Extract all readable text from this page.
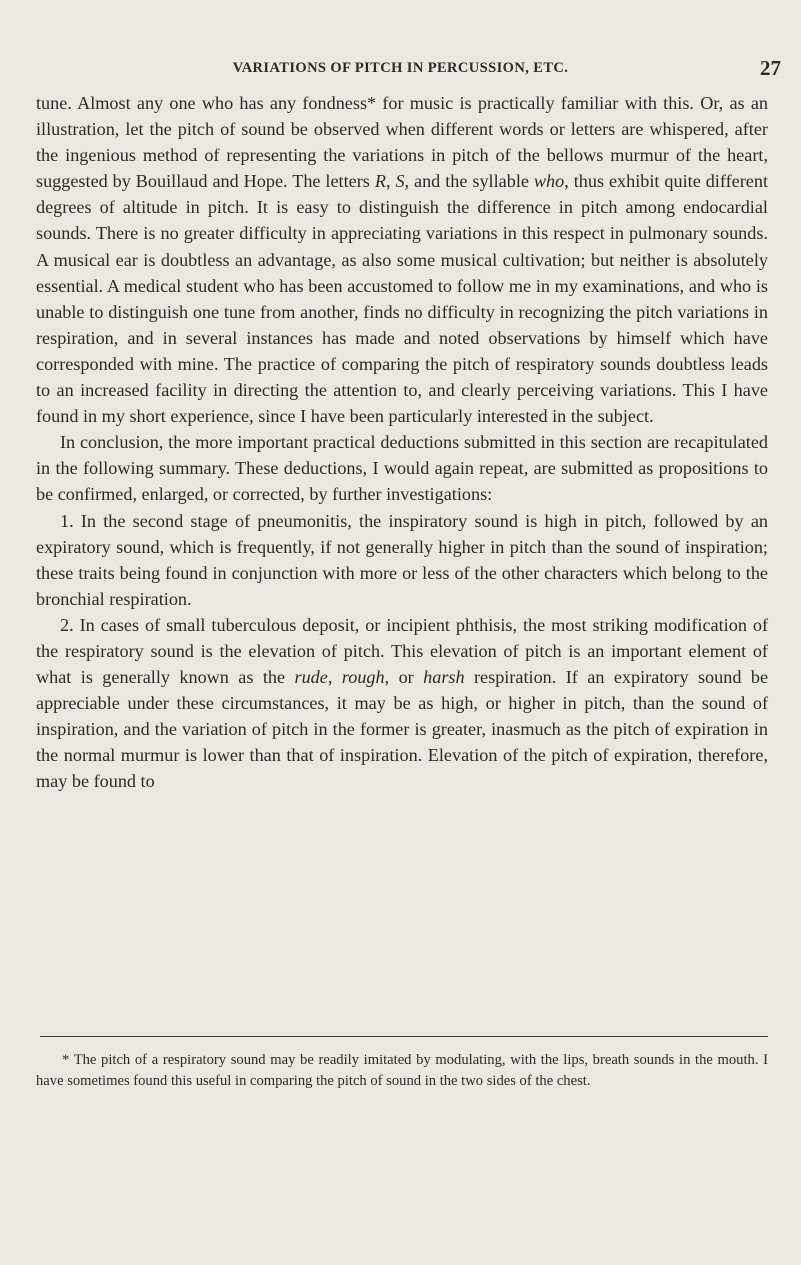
VARIATIONS OF PITCH IN PERCUSSION, ETC.	27

tune. Almost any one who has any fondness* for music is practically familiar with this. Or, as an illustration, let the pitch of sound be observed when different words or letters are whispered, after the ingenious method of representing the variations in pitch of the bellows murmur of the heart, suggested by Bouillaud and Hope. The letters R, S, and the syllable who, thus exhibit quite different degrees of altitude in pitch. It is easy to distinguish the difference in pitch among endocardial sounds. There is no greater difficulty in appreciating variations in this respect in pulmonary sounds. A musical ear is doubtless an advantage, as also some musical cultivation; but neither is absolutely essential. A medical student who has been accustomed to follow me in my examinations, and who is unable to distinguish one tune from another, finds no difficulty in recognizing the pitch variations in respiration, and in several instances has made and noted observations by himself which have corresponded with mine. The practice of comparing the pitch of respiratory sounds doubtless leads to an increased facility in directing the attention to, and clearly perceiving variations. This I have found in my short experience, since I have been particularly interested in the subject.

In conclusion, the more important practical deductions submitted in this section are recapitulated in the following summary. These deductions, I would again repeat, are submitted as propositions to be confirmed, enlarged, or corrected, by further investigations:

1. In the second stage of pneumonitis, the inspiratory sound is high in pitch, followed by an expiratory sound, which is frequently, if not generally higher in pitch than the sound of inspiration; these traits being found in conjunction with more or less of the other characters which belong to the bronchial respiration.

2. In cases of small tuberculous deposit, or incipient phthisis, the most striking modification of the respiratory sound is the elevation of pitch. This elevation of pitch is an important element of what is generally known as the rude, rough, or harsh respiration. If an expiratory sound be appreciable under these circumstances, it may be as high, or higher in pitch, than the sound of inspiration, and the variation of pitch in the former is greater, inasmuch as the pitch of expiration in the normal murmur is lower than that of inspiration. Elevation of the pitch of expiration, therefore, may be found to

* The pitch of a respiratory sound may be readily imitated by modulating, with the lips, breath sounds in the mouth. I have sometimes found this useful in comparing the pitch of sound in the two sides of the chest.
